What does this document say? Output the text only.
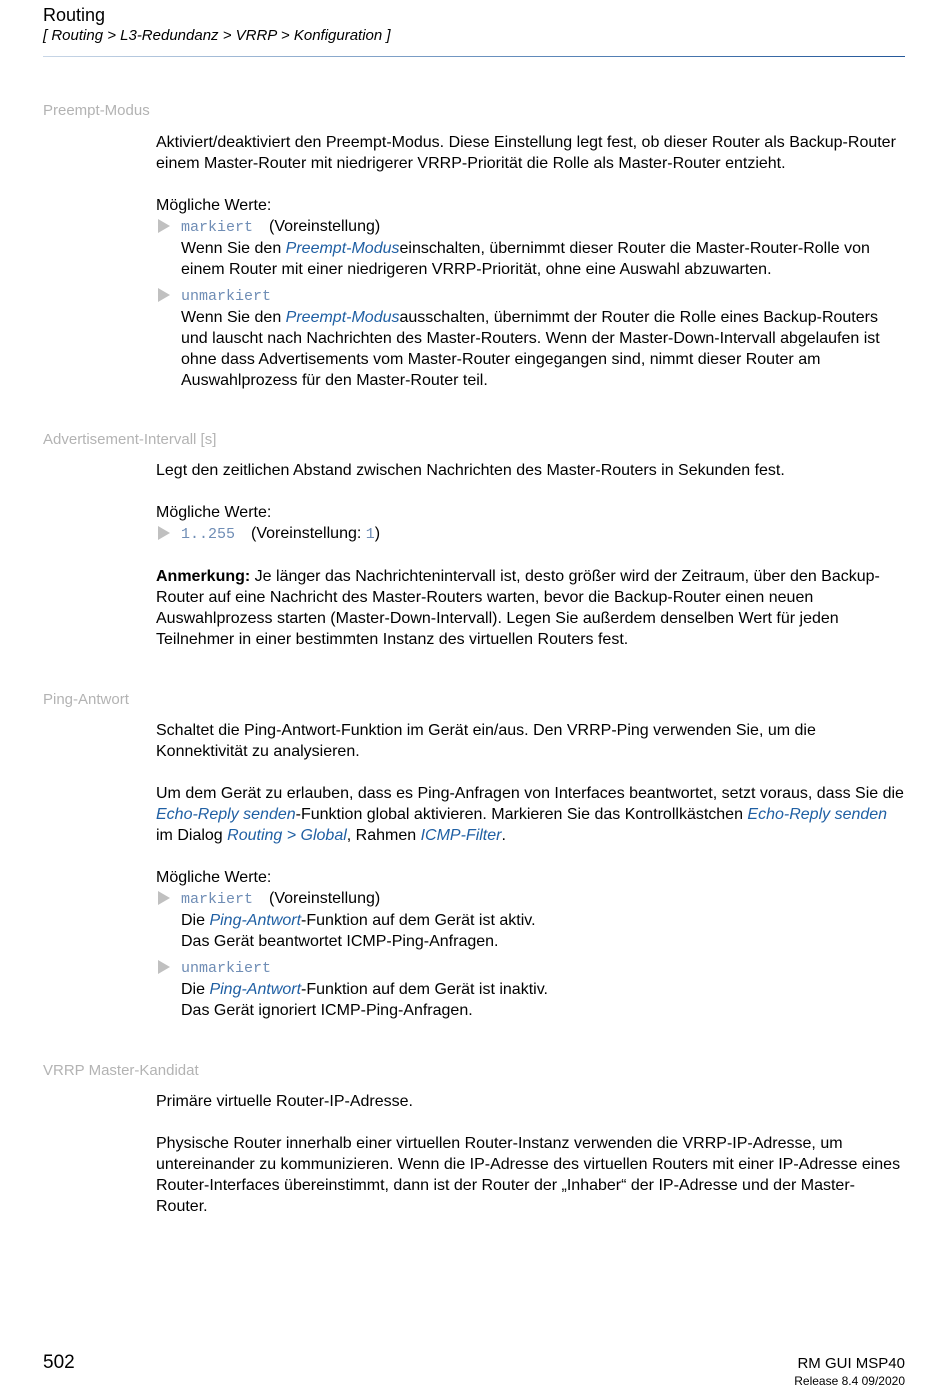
Routing
[ Routing > L3-Redundanz > VRRP > Konfiguration ]
Preempt-Modus

Aktiviert/deaktiviert den Preempt-Modus. Diese Einstellung legt fest, ob dieser Router als Backup-Router einem Master-Router mit niedrigerer VRRP-Priorität die Rolle als Master-Router entzieht.

Mögliche Werte:

markiert (Voreinstellung)

Wenn Sie den Preempt-Moduseinschalten, übernimmt dieser Router die Master-Router-Rolle von einem Router mit einer niedrigeren VRRP-Priorität, ohne eine Auswahl abzuwarten.

unmarkiert

Wenn Sie den Preempt-Modusausschalten, übernimmt der Router die Rolle eines Backup-Routers und lauscht nach Nachrichten des Master-Routers. Wenn der Master-Down-Intervall abgelaufen ist ohne dass Advertisements vom Master-Router eingegangen sind, nimmt dieser Router am Auswahlprozess für den Master-Router teil.

Advertisement-Intervall [s]

Legt den zeitlichen Abstand zwischen Nachrichten des Master-Routers in Sekunden fest.

Mögliche Werte:

1..255 (Voreinstellung: 1)

Anmerkung: Je länger das Nachrichtenintervall ist, desto größer wird der Zeitraum, über den Backup-Router auf eine Nachricht des Master-Routers warten, bevor die Backup-Router einen neuen Auswahlprozess starten (Master-Down-Intervall). Legen Sie außerdem denselben Wert für jeden Teilnehmer in einer bestimmten Instanz des virtuellen Routers fest.

Ping-Antwort

Schaltet die Ping-Antwort-Funktion im Gerät ein/aus. Den VRRP-Ping verwenden Sie, um die Konnektivität zu analysieren.

Um dem Gerät zu erlauben, dass es Ping-Anfragen von Interfaces beantwortet, setzt voraus, dass Sie die Echo-Reply senden-Funktion global aktivieren. Markieren Sie das Kontrollkästchen Echo-Reply senden im Dialog Routing > Global, Rahmen ICMP-Filter.

Mögliche Werte:

markiert (Voreinstellung)

Die Ping-Antwort-Funktion auf dem Gerät ist aktiv.

Das Gerät beantwortet ICMP-Ping-Anfragen.

unmarkiert

Die Ping-Antwort-Funktion auf dem Gerät ist inaktiv.

Das Gerät ignoriert ICMP-Ping-Anfragen.

VRRP Master-Kandidat

Primäre virtuelle Router-IP-Adresse.

Physische Router innerhalb einer virtuellen Router-Instanz verwenden die VRRP-IP-Adresse, um untereinander zu kommunizieren. Wenn die IP-Adresse des virtuellen Routers mit einer IP-Adresse eines Router-Interfaces übereinstimmt, dann ist der Router der „Inhaber“ der IP-Adresse und der Master-Router.

502	RM GUI MSP40
Release 8.4 09/2020
